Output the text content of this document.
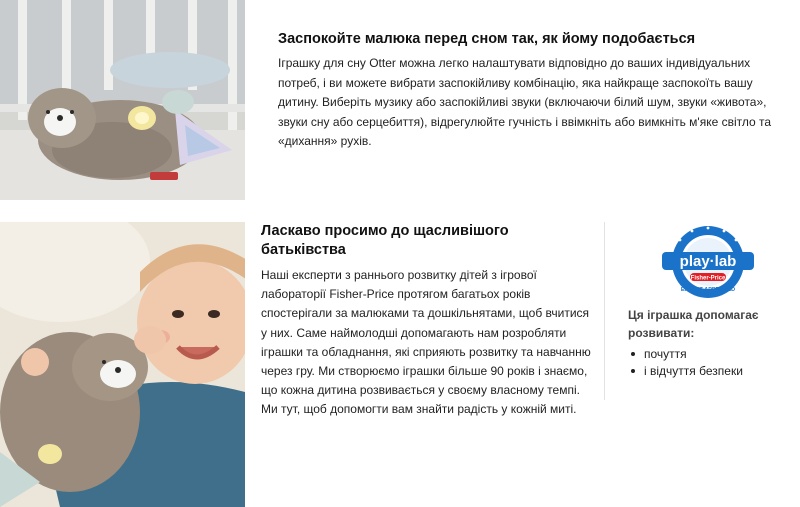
Заспокойте малюка перед сном так, як йому подобається

Іграшку для сну Otter можна легко налаштувати відповідно до ваших індивідуальних потреб, і ви можете вибрати заспокійливу комбінацію, яка найкраще заспокоїть вашу дитину. Виберіть музику або заспокійливі звуки (включаючи білий шум, звуки «живота», звуки сну або серцебиття), відрегулюйте гучність і ввімкніть або вимкніть м'яке світло та «дихання» рухів.

Ласкаво просимо до щасливішого батьківства

Наші експерти з раннього розвитку дітей з ігрової лабораторії Fisher-Price протягом багатьох років спостерігали за малюками та дошкільнятами, щоб вчитися у них. Саме наймолодші допомагають нам розробляти іграшки та обладнання, які сприяють розвитку та навчанню через гру. Ми створюємо іграшки більше 90 років і знаємо, що кожна дитина розвивається у своєму власному темпі. Ми тут, щоб допомогти вам знайти радість у кожній миті.

play·lab
Fisher-Price
EXPERT APPROVED

Ця іграшка допомагає розвивати:

почуття
і відчуття безпеки
